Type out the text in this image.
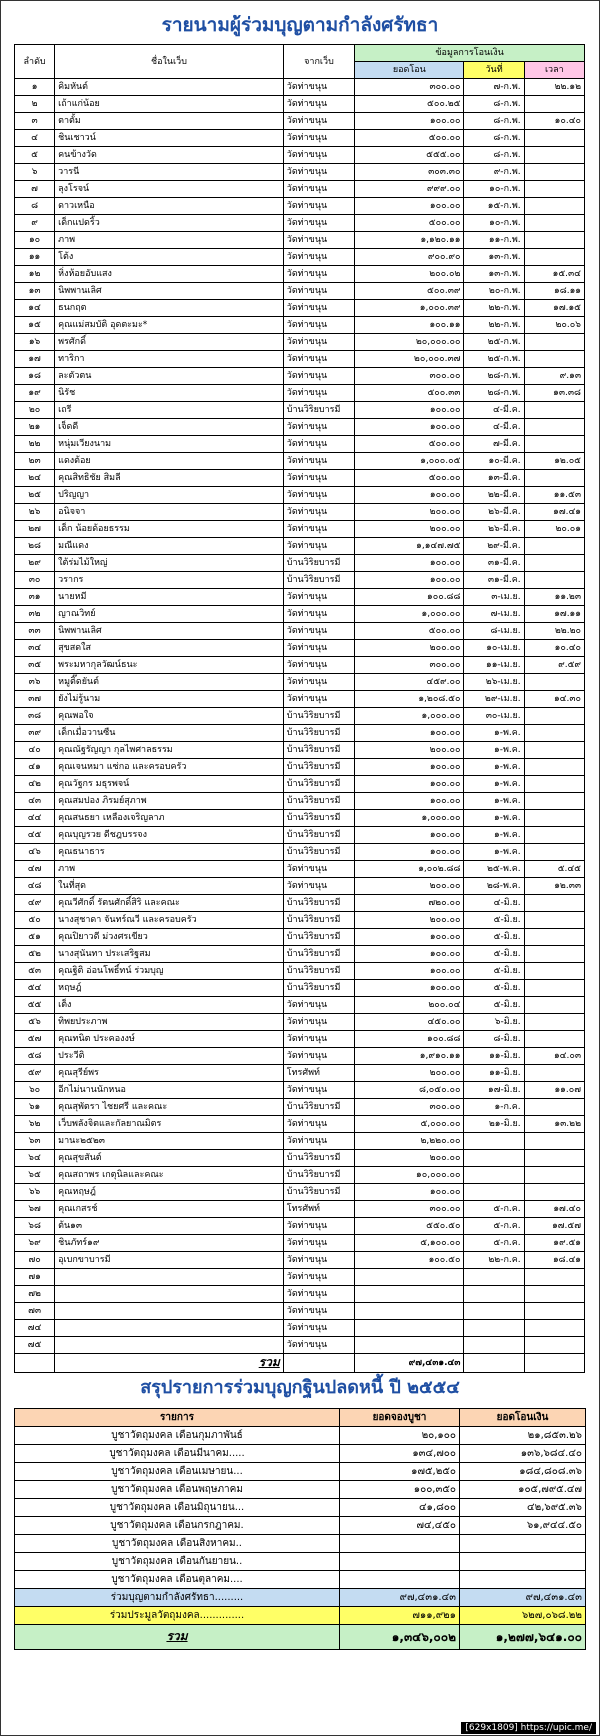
รายนามผู้ร่วมบุญตามกำลังศรัทธา
ลำดับ	ชื่อในเว็บ	จากเว็บ	ข้อมูลการโอนเงิน		
			ยอดโอน	วันที่	เวลา
๑	คิมหันต์	วัดท่าขนุน	๓๐๐.๐๐	๗-ก.พ.	๒๒.๑๒
๒	เถ้าแก่น้อย	วัดท่าขนุน	๕๐๐.๒๕	๘-ก.พ.	
๓	ตาตั้ม	วัดท่าขนุน	๑๐๐.๐๐	๘-ก.พ.	๑๐.๔๐
๔	ชินเชาวน์	วัดท่าขนุน	๕๐๐.๐๐	๘-ก.พ.	
๕	คนข้างวัด	วัดท่าขนุน	๕๕๕.๐๐	๘-ก.พ.	
๖	วารนี	วัดท่าขนุน	๓๐๓.๓๐	๙-ก.พ.	
๗	ลุงโรจน์	วัดท่าขนุน	๙๙๙.๐๐	๑๐-ก.พ.	
๘	ดาวเหนือ	วัดท่าขนุน	๑๐๐.๐๐	๑๕-ก.พ.	
๙	เด็กแปดริ้ว	วัดท่าขนุน	๕๐๐.๐๐	๑๐-ก.พ.	
๑๐	ภาพ	วัดท่าขนุน	๑,๑๒๐.๑๑	๑๑-ก.พ.	
๑๑	โต้ง	วัดท่าขนุน	๙๐๐.๙๐	๑๓-ก.พ.	
๑๒	หิ่งห้อยอับแสง	วัดท่าขนุน	๒๐๐.๐๒	๑๓-ก.พ.	๑๕.๓๔
๑๓	นิพพานเลิศ	วัดท่าขนุน	๕๐๐.๓๙	๒๐-ก.พ.	๑๘.๑๑
๑๔	ธนกฤต	วัดท่าขนุน	๑,๐๐๐.๓๙	๒๒-ก.พ.	๑๗.๑๕
๑๕	คุณแม่สมบัติ อุดตะมะ*	วัดท่าขนุน	๑๐๐.๑๑	๒๒-ก.พ.	๒๐.๐๖
๑๖	พรศักดิ์	วัดท่าขนุน	๒๐,๐๐๐.๐๐	๒๕-ก.พ.	
๑๗	ทาริกา	วัดท่าขนุน	๒๐,๐๐๐.๓๗	๒๕-ก.พ.	
๑๘	ละตัวตน	วัดท่าขนุน	๓๐๐.๐๐	๒๘-ก.พ.	๙.๑๓
๑๙	นิรัช	วัดท่าขนุน	๕๐๐.๓๓	๒๘-ก.พ.	๑๓.๓๘
๒๐	เถรี	บ้านวิริยบารมี	๑๐๐.๐๐	๔-มี.ค.	
๒๑	เจ็ดดี	วัดท่าขนุน	๑๐๐.๐๐	๔-มี.ค.	
๒๒	หนุ่มเวียงนาม	วัดท่าขนุน	๕๐๐.๐๐	๗-มี.ค.	
๒๓	แดงต้อย	วัดท่าขนุน	๑,๐๐๐.๐๕	๑๐-มี.ค.	๑๒.๐๕
๒๔	คุณสิทธิชัย สิมลี	วัดท่าขนุน	๕๐๐.๐๐	๑๓-มี.ค.	
๒๕	ปริญญา	วัดท่าขนุน	๑๐๐.๐๐	๒๒-มี.ค.	๑๑.๕๓
๒๖	อนิจจา	วัดท่าขนุน	๒๐๐.๐๐	๒๖-มี.ค.	๑๗.๔๑
๒๗	เด็ก น้อยด้อยธรรม	วัดท่าขนุน	๒๐๐.๐๐	๒๖-มี.ค.	๒๐.๐๑
๒๘	มณีแดง	วัดท่าขนุน	๑,๑๔๗.๗๕	๒๙-มี.ค.	
๒๙	ใต้ร่มไม้ใหญ่	บ้านวิริยบารมี	๑๐๐.๐๐	๓๑-มี.ค.	
๓๐	วรากร	บ้านวิริยบารมี	๑๐๐.๐๐	๓๑-มี.ค.	
๓๑	นายหมี	วัดท่าขนุน	๑๐๐.๘๘	๓-เม.ย.	๑๑.๒๓
๓๒	ญาณวิทย์	วัดท่าขนุน	๑,๐๐๐.๐๐	๗-เม.ย.	๑๗.๑๑
๓๓	นิพพานเลิศ	วัดท่าขนุน	๕๐๐.๐๐	๘-เม.ย.	๒๒.๒๐
๓๔	สุขสดใส	วัดท่าขนุน	๒๐๐.๐๐	๑๐-เม.ย.	๑๐.๔๐
๓๕	พระมหากุลวัฒน์ธนะ	วัดท่าขนุน	๓๐๐.๐๐	๑๑-เม.ย.	๙.๕๙
๓๖	หมูติ๊ดยันต์	วัดท่าขนุน	๔๕๙.๐๐	๒๖-เม.ย.	
๓๗	ยังไม่รู้นาม	วัดท่าขนุน	๑,๒๐๘.๕๐	๒๙-เม.ย.	๑๔.๓๐
๓๘	คุณพอใจ	บ้านวิริยบารมี	๑,๐๐๐.๐๐	๓๐-เม.ย.	
๓๙	เด็กเมื่อวานซืน	บ้านวิริยบารมี	๑๐๐.๐๐	๑-พ.ค.	
๔๐	คุณณัฐรัญญา กุลไพศาลธรรม	บ้านวิริยบารมี	๒๐๐.๐๐	๑-พ.ค.	
๔๑	คุณเจนหมา แซ่กอ และครอบครัว	บ้านวิริยบารมี	๑๐๐.๐๐	๑-พ.ค.	
๔๒	คุณวัฐกร มธุรพจน์	บ้านวิริยบารมี	๑๐๐.๐๐	๑-พ.ค.	
๔๓	คุณสมปอง ภิรมย์สุภาพ	บ้านวิริยบารมี	๑๐๐.๐๐	๑-พ.ค.	
๔๔	คุณสนธยา เหลืองเจริญลาภ	บ้านวิริยบารมี	๑,๐๐๐.๐๐	๑-พ.ค.	
๔๕	คุณบุญรวย ดีชฎบรรจง	บ้านวิริยบารมี	๑๐๐.๐๐	๑-พ.ค.	
๔๖	คุณธนาธาร	บ้านวิริยบารมี	๑๐๐.๐๐	๑-พ.ค.	
๔๗	ภาพ	วัดท่าขนุน	๑,๐๐๒.๘๘	๒๕-พ.ค.	๕.๔๕
๔๘	ในที่สุด	วัดท่าขนุน	๒๐๐.๐๐	๒๘-พ.ค.	๑๒.๓๓
๔๙	คุณวีศักดิ์ รัตนศักดิ์สิริ และคณะ	บ้านวิริยบารมี	๗๒๐.๐๐	๔-มิ.ย.	
๕๐	นางสุชาดา จันทร์ณวี และครอบครัว	บ้านวิริยบารมี	๒๐๐.๐๐	๕-มิ.ย.	
๕๑	คุณปิยาวดี ม่วงศรเขียว	บ้านวิริยบารมี	๑๐๐.๐๐	๕-มิ.ย.	
๕๒	นางสุนันทา ประเสริฐสม	บ้านวิริยบารมี	๑๐๐.๐๐	๕-มิ.ย.	
๕๓	คุณฐิติ อ่อนโพธิ์ทน์ ร่วมบุญ	บ้านวิริยบารมี	๑๐๐.๐๐	๕-มิ.ย.	
๕๔	หฤษฎ์	บ้านวิริยบารมี	๑๐๐.๐๐	๕-มิ.ย.	
๕๕	เต็ง	วัดท่าขนุน	๒๐๐.๐๔	๕-มิ.ย.	
๕๖	ทิพยประภาพ	วัดท่าขนุน	๔๕๐.๐๐	๖-มิ.ย.	
๕๗	คุณทนิต ประคองงษ์	วัดท่าขนุน	๑๐๐.๘๘	๘-มิ.ย.	
๕๘	ประวีติ	วัดท่าขนุน	๑,๙๑๐.๑๑	๑๑-มิ.ย.	๑๔.๐๓
๕๙	คุณสุรีย์พร	โทรศัพท์	๒๐๐.๐๐	๑๑-มิ.ย.	
๖๐	อีกไม่นานนักหนอ	วัดท่าขนุน	๘,๐๕๐.๐๐	๑๗-มิ.ย.	๑๑.๐๗
๖๑	คุณสุพัตรา ไชยศรี และคณะ	บ้านวิริยบารมี	๓๐๐.๐๐	๑-ก.ค.	
๖๒	เว็บพลังจิตและกัลยาณมิตร	วัดท่าขนุน	๕,๐๐๐.๐๐	๒๑-มิ.ย.	๑๓.๒๒
๖๓	มานะ๒๕๒๓	วัดท่าขนุน	๒,๒๒๐.๐๐		
๖๔	คุณสุขสันต์	บ้านวิริยบารมี	๒๐๐.๐๐		
๖๕	คุณสถาพร เกตุนิลและคณะ	บ้านวิริยบารมี	๑๐,๐๐๐.๐๐		
๖๖	คุณหฤษฎ์	บ้านวิริยบารมี	๑๐๐.๐๐		
๖๗	คุณเกสรช์	โทรศัพท์	๓๐๐.๐๐	๕-ก.ค.	๑๗.๔๐
๖๘	ต้น๑๓	วัดท่าขนุน	๕๕๐.๕๐	๕-ก.ค.	๑๗.๕๗
๖๙	ชินภัทร์๑๙	วัดท่าขนุน	๕,๑๐๐.๐๐	๕-ก.ค.	๑๙.๕๑
๗๐	อุเบกขาบารมี	วัดท่าขนุน	๑๐๐.๕๐	๒๒-ก.ค.	๑๘.๔๑
๗๑		วัดท่าขนุน			
๗๒		วัดท่าขนุน			
๗๓		วัดท่าขนุน			
๗๔		วัดท่าขนุน			
๗๕		วัดท่าขนุน			
	รวม		๙๗,๔๓๑.๔๓		
สรุปรายการร่วมบุญกฐินปลดหนี้ ปี ๒๕๕๔
รายการ	ยอดจองบูชา	ยอดโอนเงิน
บูชาวัตถุมงคล เดือนกุมภาพันธ์	๒๐,๑๐๐	๒๑,๘๕๓.๒๖
บูชาวัตถุมงคล เดือนมีนาคม.....	๑๓๔,๗๐๐	๑๓๖,๖๘๔.๔๐
บูชาวัตถุมงคล เดือนเมษายน...	๑๗๕,๒๕๐	๑๘๔,๘๐๘.๓๖
บูชาวัตถุมงคล เดือนพฤษภาคม	๑๐๐,๓๕๐	๑๐๕,๗๙๕.๔๗
บูชาวัตถุมงคล เดือนมิถุนายน...	๔๑,๘๐๐	๔๒,๖๙๕.๓๖
บูชาวัตถุมงคล เดือนกรกฎาคม.	๗๔,๔๕๐	๖๑,๙๔๔.๕๐
บูชาวัตถุมงคล เดือนสิงหาคม..		
บูชาวัตถุมงคล เดือนกันยายน..		
บูชาวัตถุมงคล เดือนตุลาคม....		
ร่วมบุญตามกำลังศรัทธา.........	๙๗,๔๓๑.๔๓	๙๗,๔๓๑.๔๓
ร่วมประมูลวัตถุมงคล..............	๗๑๑,๙๒๑	๖๒๗,๐๖๘.๒๒
รวม	๑,๓๔๖,๐๐๒	๑,๒๗๗,๖๔๑.๐๐
[629x1809] https://upic.me/
